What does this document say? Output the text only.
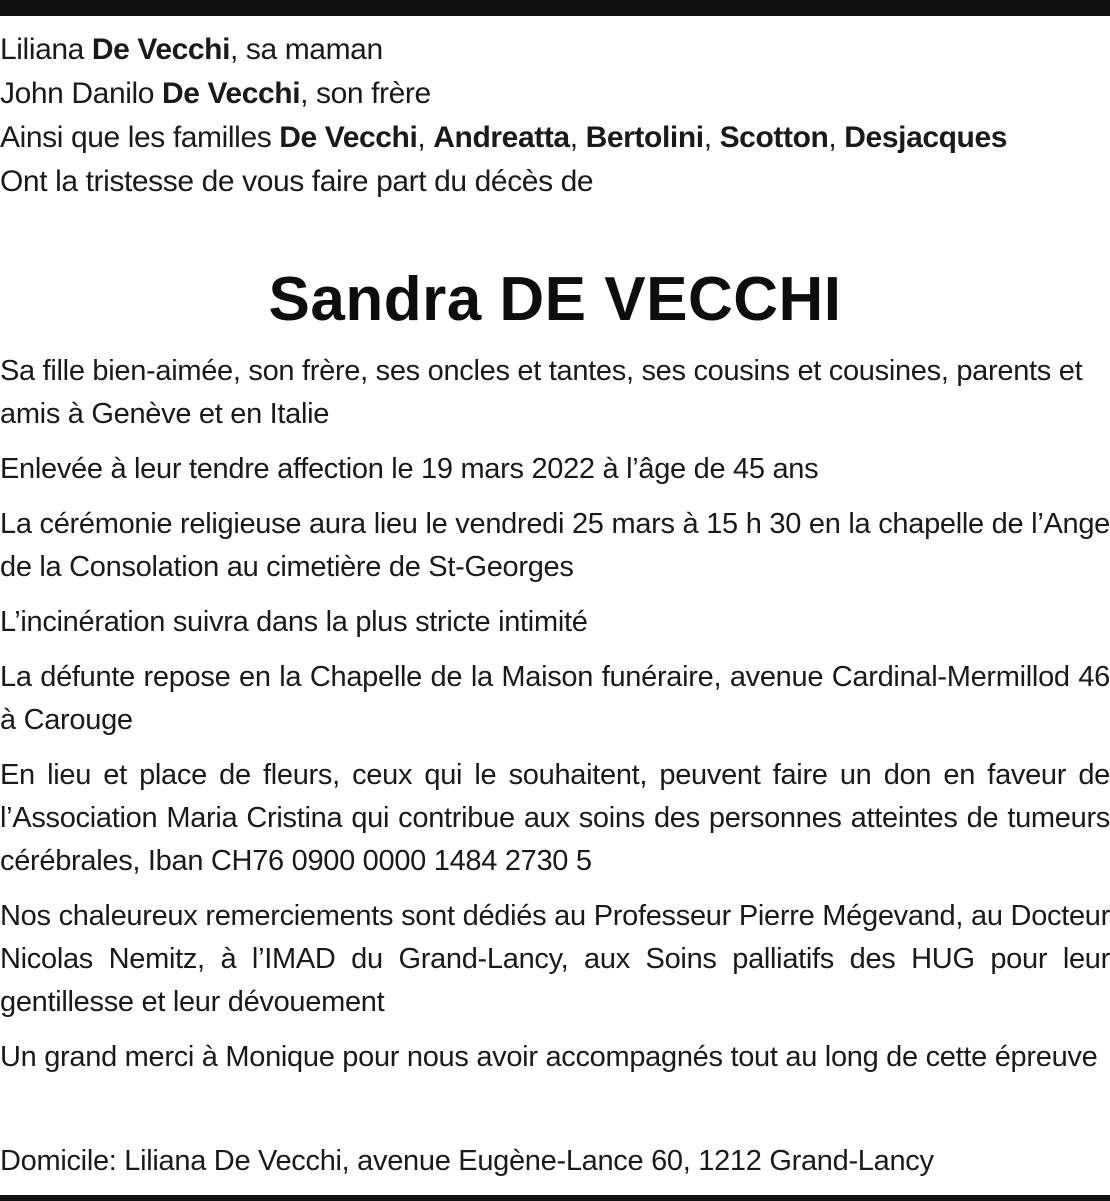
Liliana De Vecchi, sa maman
John Danilo De Vecchi, son frère
Ainsi que les familles De Vecchi, Andreatta, Bertolini, Scotton, Desjacques
Ont la tristesse de vous faire part du décès de
Sandra DE VECCHI

Sa fille bien-aimée, son frère, ses oncles et tantes, ses cousins et cousines, parents et amis à Genève et en Italie

Enlevée à leur tendre affection le 19 mars 2022 à l’âge de 45 ans

La cérémonie religieuse aura lieu le vendredi 25 mars à 15 h 30 en la chapelle de l’Ange de la Consolation au cimetière de St-Georges

L’incinération suivra dans la plus stricte intimité

La défunte repose en la Chapelle de la Maison funéraire, avenue Cardinal-Mermillod 46 à Carouge

En lieu et place de fleurs, ceux qui le souhaitent, peuvent faire un don en faveur de l’Association Maria Cristina qui contribue aux soins des personnes atteintes de tumeurs cérébrales, Iban CH76 0900 0000 1484 2730 5

Nos chaleureux remerciements sont dédiés au Professeur Pierre Mégevand, au Docteur Nicolas Nemitz, à l’IMAD du Grand-Lancy, aux Soins palliatifs des HUG pour leur gentillesse et leur dévouement

Un grand merci à Monique pour nous avoir accompagnés tout au long de cette épreuve

Domicile: Liliana De Vecchi, avenue Eugène-Lance 60, 1212 Grand-Lancy
